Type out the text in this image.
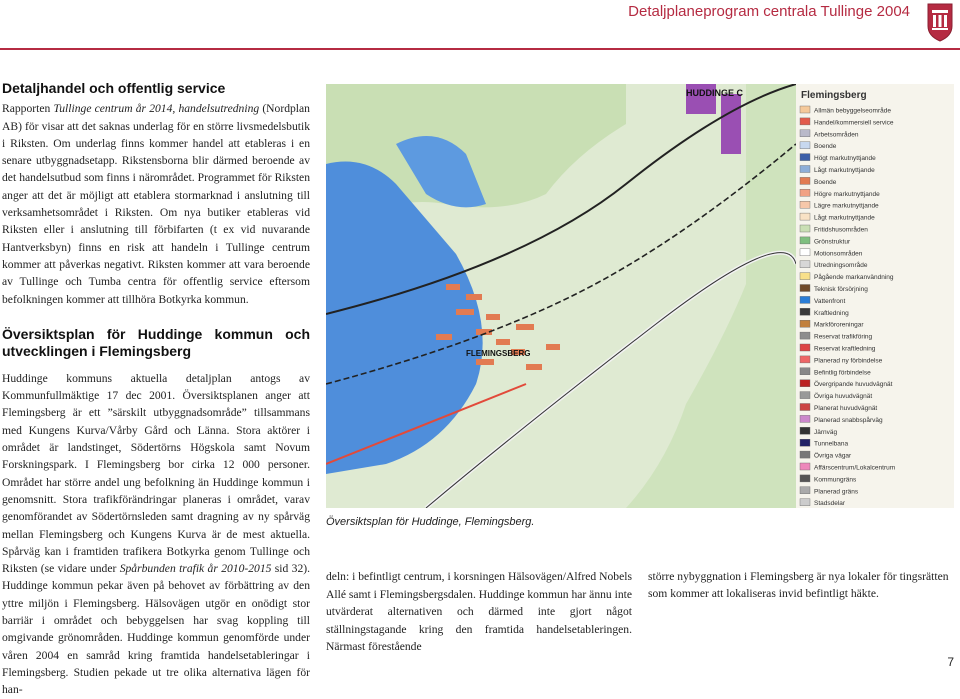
Detaljplaneprogram centrala Tullinge 2004
Detaljhandel och offentlig service

Rapporten Tullinge centrum år 2014, handelsutredning (Nordplan AB) för visar att det saknas underlag för en större livsmedelsbutik i Riksten. Om underlag finns kommer handel att etableras i en senare utbyggnadsetapp. Rikstensborna blir därmed beroende av det handelsutbud som finns i närområdet. Programmet för Riksten anger att det är möjligt att etablera stormarknad i anslutning till verksamhetsområdet i Riksten. Om nya butiker etableras vid Riksten eller i anslutning till förbifarten (t ex vid nuvarande Hantverksbyn) finns en risk att handeln i Tullinge centrum kommer att påverkas negativt. Riksten kommer att vara beroende av Tullinge och Tumba centra för offentlig service eftersom befolkningen kommer att tillhöra Botkyrka kommun.

Översiktsplan för Huddinge kommun och utvecklingen i Flemingsberg

Huddinge kommuns aktuella detaljplan antogs av Kommunfullmäktige 17 dec 2001. Översiktsplanen anger att Flemingsberg är ett ”särskilt utbyggnadsområde” tillsammans med Kungens Kurva/Vårby Gård och Länna. Stora aktörer i området är landstinget, Södertörns Högskola samt Novum Forskningspark. I Flemingsberg bor cirka 12 000 personer. Området har större andel ung befolkning än Huddinge kommun i genomsnitt. Stora trafikförändringar planeras i området, varav genomförandet av Södertörnsleden samt dragning av ny spårväg mellan Flemingsberg och Kungens Kurva är de mest aktuella. Spårväg kan i framtiden trafikera Botkyrka genom Tullinge och Riksten (se vidare under Spårbunden trafik år 2010-2015 sid 32). Huddinge kommun pekar även på behovet av förbättring av den yttre miljön i Flemingsberg. Hälsovägen utgör en onödigt stor barriär i området och bebyggelsen har svag koppling till omgivande grönområden. Huddinge kommun genomförde under våren 2004 en samråd kring framtida handelsetableringar i Flemingsberg. Studien pekade ut tre olika alternativa lägen för han-

HUDDINGE C
FLEMINGSBERG
Flemingsberg
Allmän bebyggelseområde
Handel/kommersiell service
Arbetsområden
Boende
Högt markutnyttjande
Lågt markutnyttjande
Boende
Högre markutnyttjande
Lägre markutnyttjande
Lågt markutnyttjande
Fritidshusområden
Grönstruktur
Motionsområden
Utredningsområde
Pågående markanvändning
Teknisk försörjning
Vattenfront
Kraftledning
Markföroreningar
Reservat trafikföring
Reservat kraftledning
Planerad ny förbindelse
Befintlig förbindelse
Övergripande huvudvägnät
Övriga huvudvägnät
Planerat huvudvägnät
Planerad snabbspårväg
Järnväg
Tunnelbana
Övriga vägar
Affärscentrum/Lokalcentrum
Kommungräns
Planerad gräns
Stadsdelar
Översiktsplan för Huddinge, Flemingsberg.

deln: i befintligt centrum, i korsningen Hälsovägen/Alfred Nobels Allé samt i Flemingsbergsdalen. Huddinge kommun har ännu inte utvärderat alternativen och därmed inte gjort något ställningstagande kring den framtida handelsetableringen. Närmast förestående

större nybyggnation i Flemingsberg är nya lokaler för tingsrätten som kommer att lokaliseras invid befintligt häkte.

7
